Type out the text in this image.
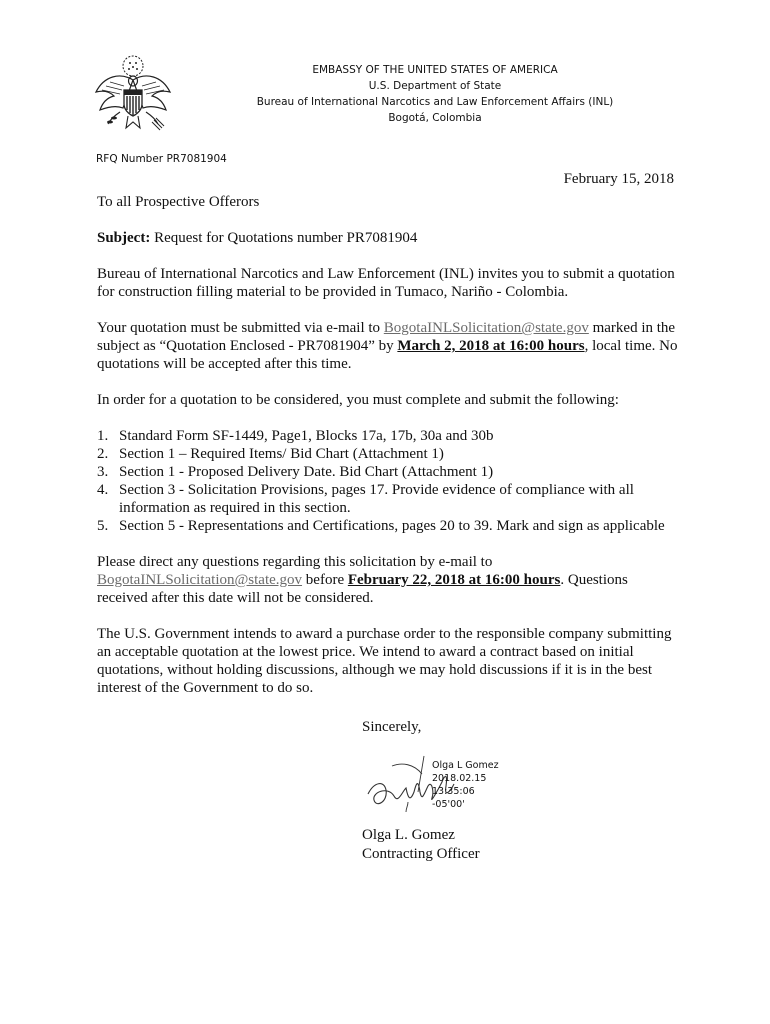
EMBASSY OF THE UNITED STATES OF AMERICA
U.S. Department of State
Bureau of International Narcotics and Law Enforcement Affairs (INL)
Bogotá, Colombia
RFQ Number PR7081904
February 15, 2018

To all Prospective Offerors

Subject: Request for Quotations number PR7081904

Bureau of International Narcotics and Law Enforcement (INL) invites you to submit a quotation for construction filling material to be provided in Tumaco, Nariño - Colombia.

Your quotation must be submitted via e-mail to BogotaINLSolicitation@state.gov marked in the subject as “Quotation Enclosed - PR7081904” by March 2, 2018 at 16:00 hours, local time. No quotations will be accepted after this time.

In order for a quotation to be considered, you must complete and submit the following:

1. Standard Form SF-1449, Page1, Blocks 17a, 17b, 30a and 30b
2. Section 1 – Required Items/ Bid Chart (Attachment 1)
3. Section 1 - Proposed Delivery Date. Bid Chart (Attachment 1)
4. Section 3 - Solicitation Provisions, pages 17. Provide evidence of compliance with all information as required in this section.
5. Section 5 - Representations and Certifications, pages 20 to 39. Mark and sign as applicable

Please direct any questions regarding this solicitation by e-mail to BogotaINLSolicitation@state.gov before February 22, 2018 at 16:00 hours. Questions received after this date will not be considered.

The U.S. Government intends to award a purchase order to the responsible company submitting an acceptable quotation at the lowest price. We intend to award a contract based on initial quotations, without holding discussions, although we may hold discussions if it is in the best interest of the Government to do so.

Sincerely,
Olga L Gomez
2018.02.15
13:35:06
-05'00'
Olga L. Gomez
Contracting Officer
